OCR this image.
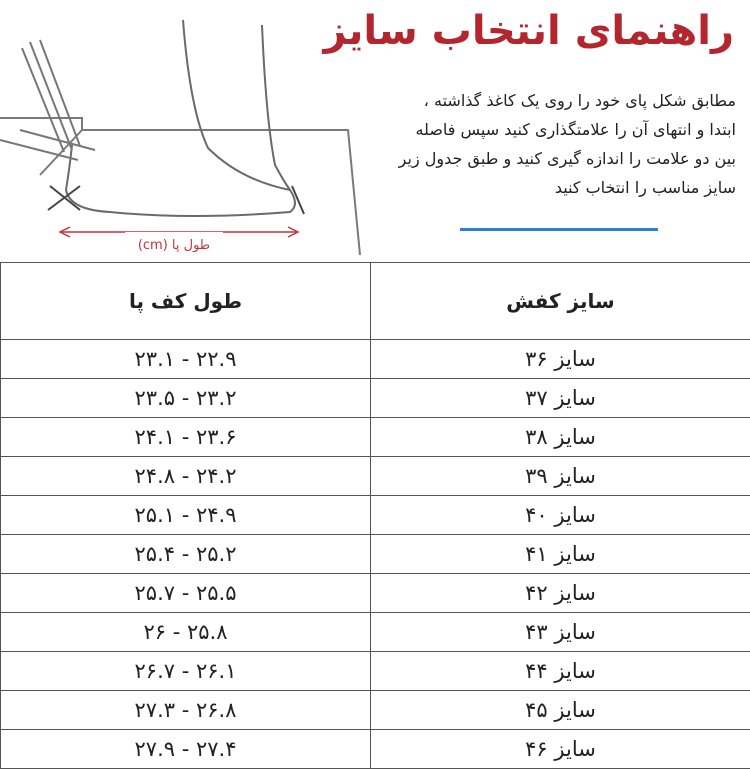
طول پا (cm)
راهنمای انتخاب سایز
مطابق شکل پای خود را روی یک کاغذ گذاشته ،
ابتدا و انتهای آن را علامتگذاری کنید سپس فاصله
بین دو علامت را اندازه گیری کنید و طبق جدول زیر
سایز مناسب را انتخاب کنید
طول کف پا	سایز کفش
۲۲.۹ - ۲۳.۱	سایز ۳۶
۲۳.۲ - ۲۳.۵	سایز ۳۷
۲۳.۶ - ۲۴.۱	سایز ۳۸
۲۴.۲ - ۲۴.۸	سایز ۳۹
۲۴.۹ - ۲۵.۱	سایز ۴۰
۲۵.۲ - ۲۵.۴	سایز ۴۱
۲۵.۵ - ۲۵.۷	سایز ۴۲
۲۵.۸ - ۲۶	سایز ۴۳
۲۶.۱ - ۲۶.۷	سایز ۴۴
۲۶.۸ - ۲۷.۳	سایز ۴۵
۲۷.۴ - ۲۷.۹	سایز ۴۶
